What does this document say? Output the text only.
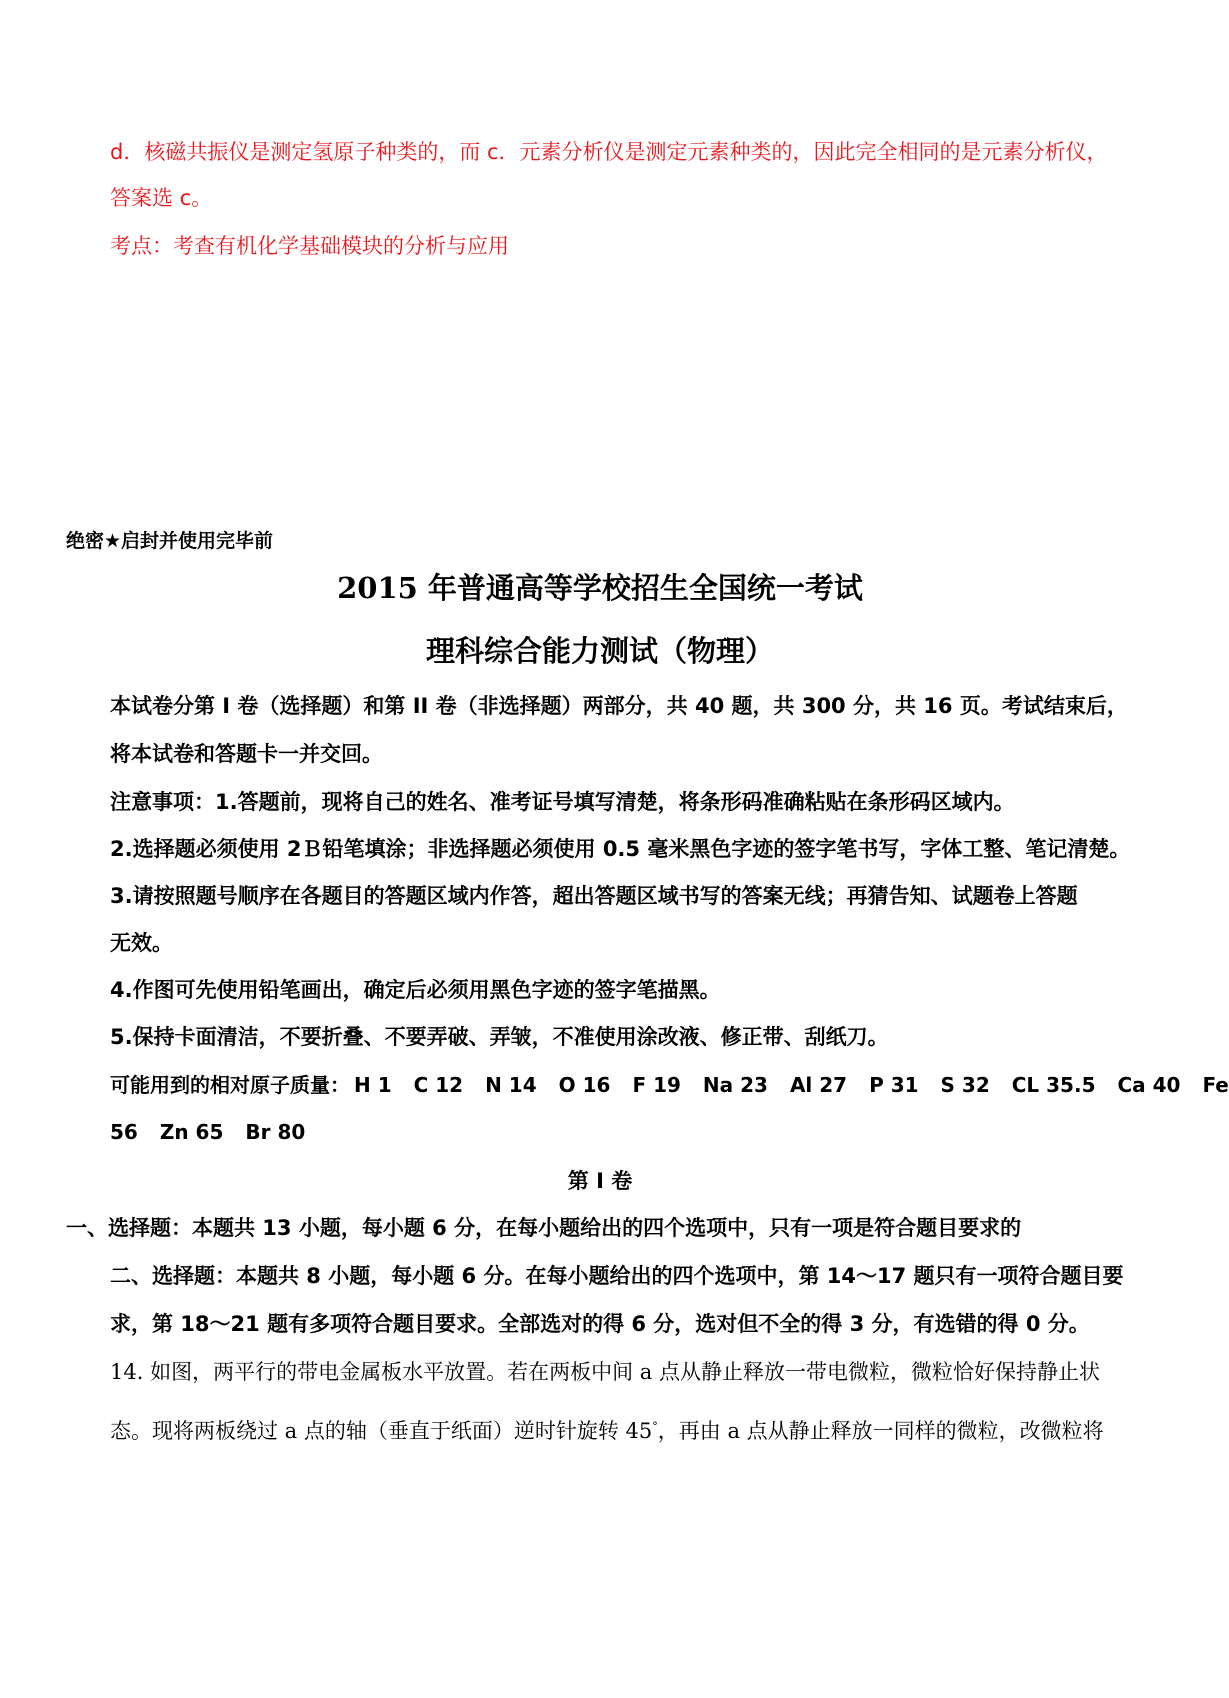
d．核磁共振仪是测定氢原子种类的，而 c．元素分析仪是测定元素种类的，因此完全相同的是元素分析仪，
答案选 c。
考点：考查有机化学基础模块的分析与应用
绝密★启封并使用完毕前
2015 年普通高等学校招生全国统一考试
理科综合能力测试（物理）
本试卷分第 I 卷（选择题）和第 II 卷（非选择题）两部分，共 40 题，共 300 分，共 16 页。考试结束后，
将本试卷和答题卡一并交回。
注意事项：1.答题前，现将自己的姓名、准考证号填写清楚，将条形码准确粘贴在条形码区域内。
2.选择题必须使用 2Ｂ铅笔填涂；非选择题必须使用 0.5 毫米黑色字迹的签字笔书写，字体工整、笔记清楚。
3.请按照题号顺序在各题目的答题区域内作答，超出答题区域书写的答案无线；再猜告知、试题卷上答题
无效。
4.作图可先使用铅笔画出，确定后必须用黑色字迹的签字笔描黑。
5.保持卡面清洁，不要折叠、不要弄破、弄皱，不准使用涂改液、修正带、刮纸刀。
可能用到的相对原子质量： H 1 C 12 N 14 O 16 F 19 Na 23 Al 27 P 31 S 32 CL 35.5 Ca 40 Fe
56 Zn 65 Br 80
第 I 卷
一、选择题：本题共 13 小题，每小题 6 分，在每小题给出的四个选项中，只有一项是符合题目要求的
二、选择题：本题共 8 小题，每小题 6 分。在每小题给出的四个选项中，第 14～17 题只有一项符合题目要
求，第 18～21 题有多项符合题目要求。全部选对的得 6 分，选对但不全的得 3 分，有选错的得 0 分。
14. 如图，两平行的带电金属板水平放置。若在两板中间 a 点从静止释放一带电微粒，微粒恰好保持静止状
态。现将两板绕过 a 点的轴（垂直于纸面）逆时针旋转 45°，再由 a 点从静止释放一同样的微粒，改微粒将
